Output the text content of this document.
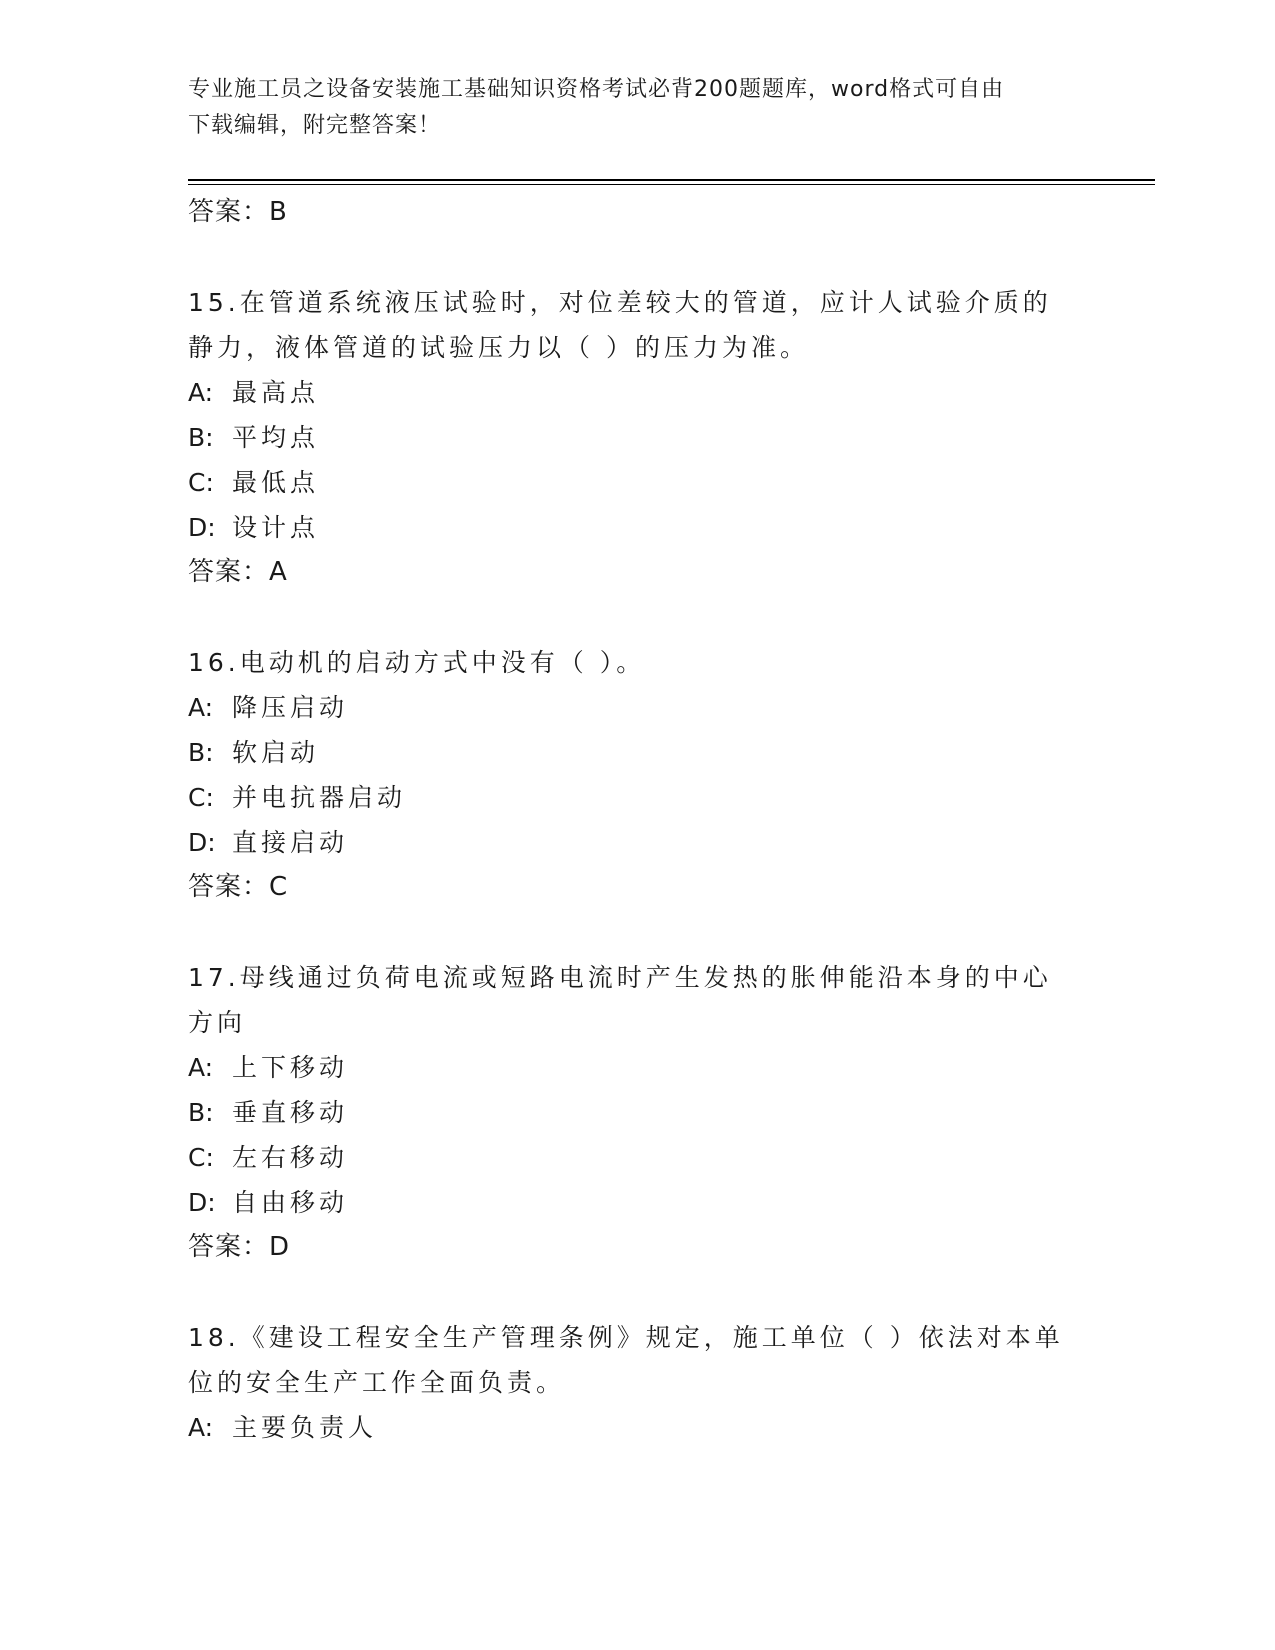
专业施工员之设备安装施工基础知识资格考试必背200题题库，word格式可自由
下载编辑，附完整答案！
答案：B
15.在管道系统液压试验时，对位差较大的管道，应计人试验介质的静力，液体管道的试验压力以（ ）的压力为准。
A: 最高点
B: 平均点
C: 最低点
D: 设计点
答案：A
16.电动机的启动方式中没有（ ）。
A: 降压启动
B: 软启动
C: 并电抗器启动
D: 直接启动
答案：C
17.母线通过负荷电流或短路电流时产生发热的胀伸能沿本身的中心方向
A: 上下移动
B: 垂直移动
C: 左右移动
D: 自由移动
答案：D
18.《建设工程安全生产管理条例》规定，施工单位（ ）依法对本单位的安全生产工作全面负责。
A: 主要负责人
